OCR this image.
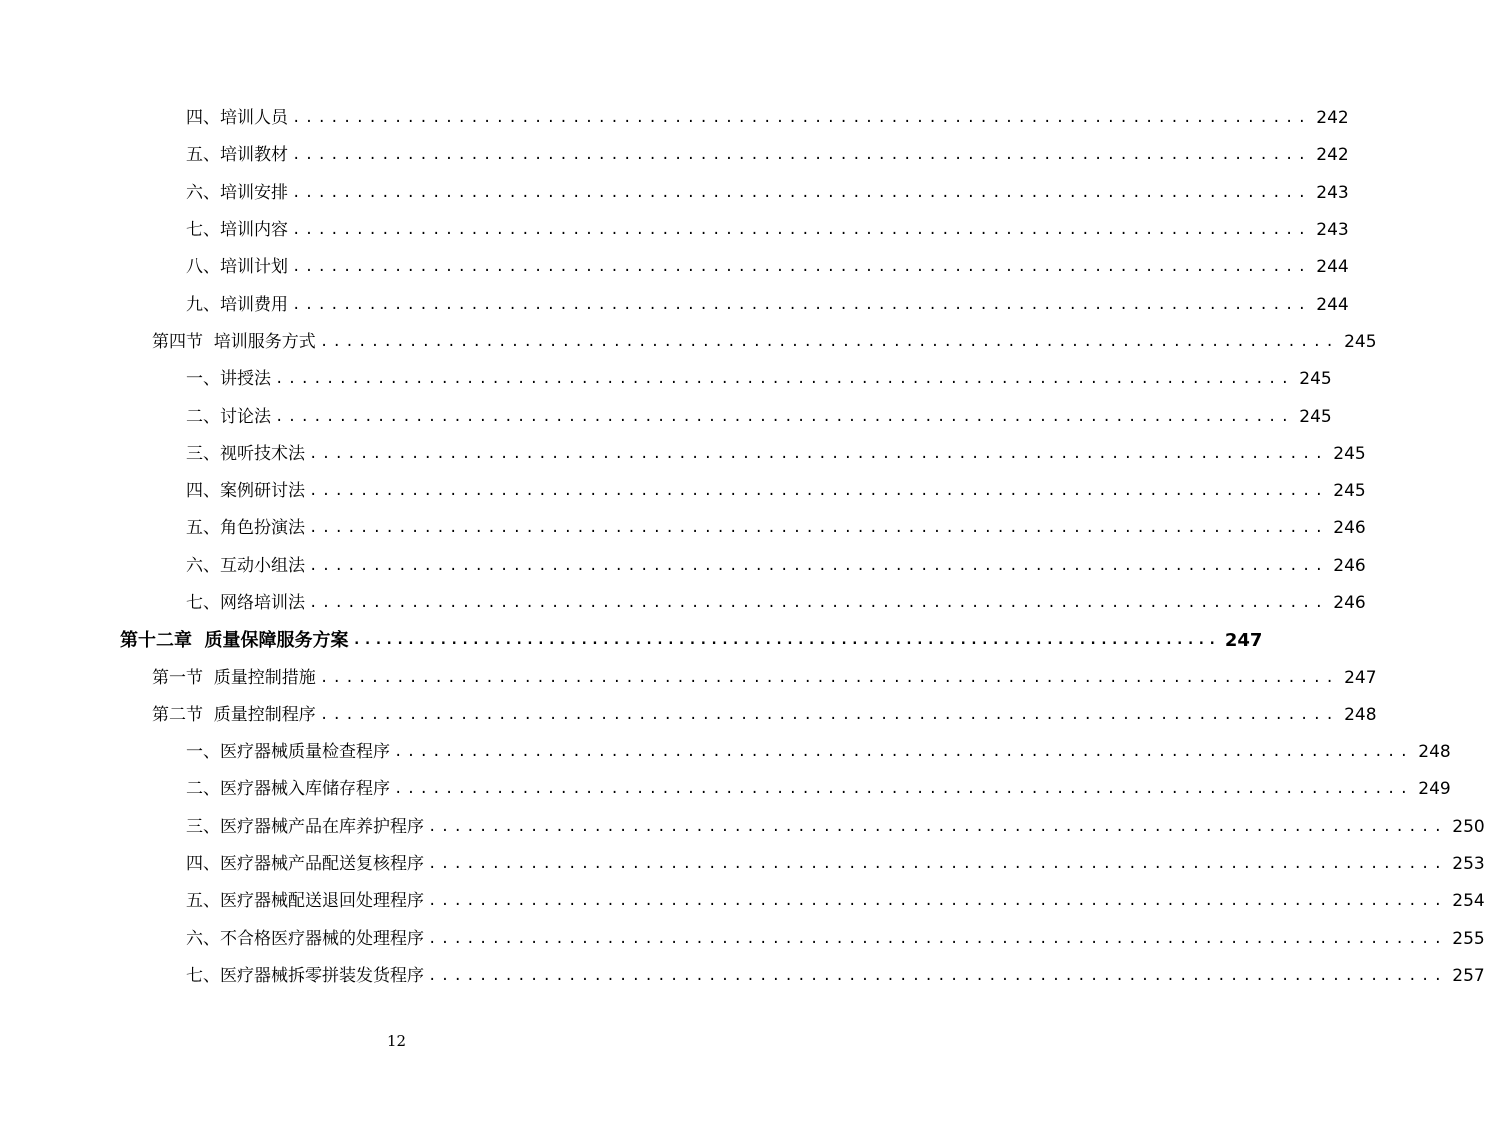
四、培训人员 ................................................................................ 242
五、培训教材 ................................................................................ 242
六、培训安排 ................................................................................ 243
七、培训内容 ................................................................................ 243
八、培训计划 ................................................................................ 244
九、培训费用 ................................................................................ 244
第四节  培训服务方式 ................................................................................ 245
一、讲授法 ................................................................................ 245
二、讨论法 ................................................................................ 245
三、视听技术法 ................................................................................ 245
四、案例研讨法 ................................................................................ 245
五、角色扮演法 ................................................................................ 246
六、互动小组法 ................................................................................ 246
七、网络培训法 ................................................................................ 246
第十二章  质量保障服务方案 ................................................................................ 247
第一节  质量控制措施 ................................................................................ 247
第二节  质量控制程序 ................................................................................ 248
一、医疗器械质量检查程序 ................................................................................ 248
二、医疗器械入库储存程序 ................................................................................ 249
三、医疗器械产品在库养护程序 ................................................................................ 250
四、医疗器械产品配送复核程序 ................................................................................ 253
五、医疗器械配送退回处理程序 ................................................................................ 254
六、不合格医疗器械的处理程序 ................................................................................ 255
七、医疗器械拆零拼装发货程序 ................................................................................ 257
12
